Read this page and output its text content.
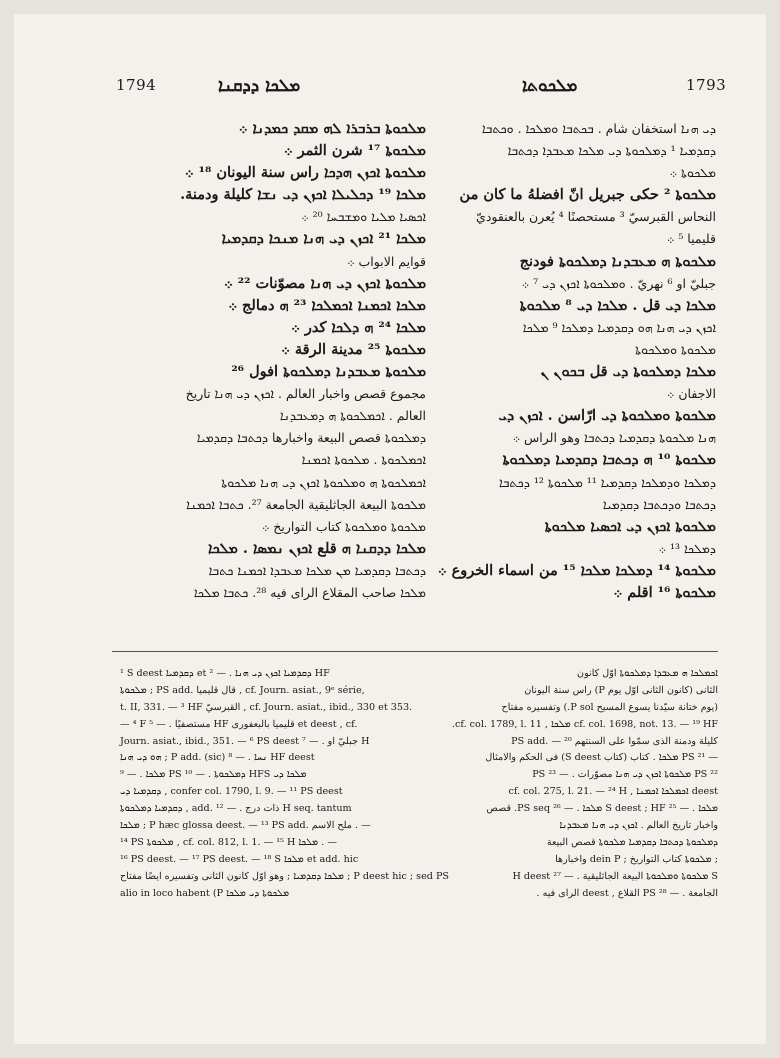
1794	ܡܠܟܐ ܕܕܩܢܐ	ܡܠܟܘܬܐ	1793
ܡܠܟܘܬܐ ܒܪܒܪܐ ܠܗ ܡܩܕ ܟܡܕܢܐ ܀
ܡܠܟܘܬܐ ¹⁷ شرن الثمر ܀
ܡܠܟܘܬܐ ܐܟܙܢ ܗܕܟܐ راس سنة اليونان ¹⁸ ܀
ܡܠܟܐ ¹⁹ ܕܟܠܝܠܐ ܐܟܙܢ ܕܝ ܢܫܐ كليلة ودمنة.
ܐܟܣܝܐ ܡܠܝܐ ܘܡܫܒܚܐ ²⁰ ܀
ܡܠܟܐ ²¹ ܐܟܙܢ ܕܝ ܗܢܐ ܡܢܟܐ ܕܩܕܡܝܐ
قوايم الابواب ܀
ܡܠܟܘܬܐ ܐܟܙܢ ܕܝ ܗܢܐ مصوّنات ²² ܀
ܡܠܟܐ ܐܟܡܢܐ ܐܟܡܠܟܐ ²³ ܗ دمالج ܀
ܡܠܟܐ ²⁴ ܗ ܕܠܟܐ كدر ܀
ܡܠܟܘܬܐ ²⁵ مدينة الرقة ܀
ܡܠܟܘܬܐ ܡܥܒܕܢܐ ܕܡܠܟܘܬܐ افول ²⁶
مجموع قصص واخبار العالم . ܐܟܙܢ ܕܝ ܗܢܐ تاريخ
العالم . ܐܟܡܠܟܘܬܐ ܗ ܕܡܥܒܕܢܐ
ܕܡܠܟܘܬܐ قصص البيعة واخبارها ܕܟܬܒܐ ܕܩܕܡܝܐ
ܐܟܡܠܟܘܬܐ . ܡܠܟܘܬܐ ܐܟܡܢܐ
ܐܟܡܠܟܘܬܐ ܗ ܘܡܠܟܘܬܐ ܐܟܙܢ ܕܝ ܗܢܐ ܡܠܟܘܬܐ
ܡܠܟܘܬܐ البيعة الجاثليقية الجامعة ²⁷. ܟܬܒܐ ܐܟܡܢܐ
ܡܠܟܘܬܐ ܘܡܠܟܘܬܐ كتاب التواريخ ܀
ܡܠܟܐ ܕܕܩܢܐ ܗ قلع ܐܟܙܢ ܢܡܣܐ . ܡܠܟܐ
ܕܟܬܒܐ ܕܩܕܡܝܐ ܡܢ ܡܠܟܐ ܡܥܒܕܐ ܐܟܡܢܐ ܟܬܒܐ
ܡܠܟܐ صاحب المقلاع الراى فيه ²⁸. ܟܬܒܐ ܡܠܟܐ
ܕܝ ܗܢܐ استخفان شام . ܒܟܬܒܐ ܘܡܠܟܐ . ܘܟܬܒܐ
ܕܩܕܡܝܐ ¹ ܕܡܠܟܘܬܐ ܕܝ ܡܠܟܐ ܡܥܒܕܐ ܕܟܬܒܐ
ܡܠܟܘܬܐ ܀
ܡܠܟܘܬܐ ² حكى جبريل انّ افضلهُ ما كان من
النحاس القبرسيّ ³ مستحصنًا ⁴ يُعرن بالعنقوديّ
قليميا ⁵ ܀
ܡܠܟܘܬܐ ܗ ܡܥܒܕܢܐ ܕܡܠܟܘܬܐ فودنج
جبليّ او ⁶ نهريّ . ܘܡܠܟܘܬܐ ܐܟܙܢ ܕܝ ⁷ ܀
ܡܠܟܐ ܕܝ قل . ܡܠܟܐ ܕܝ ⁸ ܡܠܟܘܬܐ
ܐܟܙܢ ܕܝ ܗܢܐ ܗܘ ܕܩܕܡܝܐ ܕܡܠܟܐ ⁹ ܡܠܟܐ
ܡܠܟܘܬܐ ܘܡܠܟܘܬܐ
ܡܠܟܐ ܕܡܠܟܘܬܐ ܕܝ قل ܒܟܘܢ ܢ
الاجفان ܀
ܡܠܟܘܬܐ ܘܡܠܟܘܬܐ ܕܝ ارّاسن . ܐܟܙܢ ܕܝ
ܗܢܐ ܡܠܟܘܬܐ ܕܩܕܡܝܐ ܕܟܬܒܐ وهو الراس ܀
ܡܠܟܘܬܐ ¹⁰ ܗ ܕܟܬܒܐ ܕܩܕܡܝܐ ܕܡܠܟܘܬܐ
ܕܡܠܟܐ ܘܕܡܠܟܐ ܕܩܕܡܝܐ ¹¹ ܡܠܟܘܬܐ ¹² ܕܟܬܒܐ
ܕܟܬܒܐ ܘܕܟܬܒܐ ܕܩܕܡܝܐ
ܡܠܟܘܬܐ ܐܟܙܢ ܕܝ ܐܟܣܝܐ ܡܠܟܘܬܐ
ܕܡܠܟܐ ¹³ ܀
ܡܠܟܘܬܐ ¹⁴ ܕܡܠܟܐ ܡܠܟܐ ¹⁵ من اسماء الخروع ܀
ܡܠܟܘܬܐ ¹⁶ اقلم ܀
¹ S deest ܕܩܕܡܝܐ et ܕܩܕܡܝܐ ܐܟܙܢ ܕܝ ܗܢܐ . — ² HF
ܡܠܟܘܬܐ ; PS add. قال قليميا , cf. Journ. asiat., 9ᵉ série,
t. II, 331. — ³ HF القبرسيّ , cf. Journ. asiat., ibid., 330 et 353.
— ⁴ F مستصفيًا . — ⁵ HF قليميا بالبعفورى et deest , cf.
Journ. asiat., ibid., 351. — ⁶ PS deest جبليّ او . — ⁷ H
ܗܘ ܕܝ ܗܢܐ ; P add. (sic) ܢܚܐ . — ⁸ HF deest
ܡܠܟܐ . — ⁹ PS ܕܡܠܟܘܬܐ . — ¹⁰ HFS ܡܠܟܐ ܕܝ
ܕܩܕܡܝܐ ܕܝ , confer col. 1790, l. 9. — ¹¹ PS deest
ܕܩܕܡܝܐ ܕܡܠܟܘܬܐ , add. ذات درج . — ¹² H seq. tantum
ܡܠܟܐ ; P hæc glossa deest. — ¹³ PS add. ملح الاسم . —
¹⁴ PS ܡܠܟܘܬܐ , cf. col. 812, l. 1. — ¹⁵ H ܡܠܟܐ . —
¹⁶ PS deest. — ¹⁷ PS deest. — ¹⁸ S ܡܠܟܐ et add. hic
ܡܠܟܐ ܕܩܕܡܝܐ ; وهو اوّل كانون الثانى وتفسيره ايضًا مفتاح ; P deest hic ; sed PS
alio in loco habent (P ܡܠܟܘܬܐ ܕܝ ܡܠܟܐ
ܐܟܡܠܟܐ ܗ ܡܥܒܕܐ ܕܡܠܟܘܬܐ اوّل كانون
الثانى (كانون الثانى اوّل يوم P) راس سنة اليونان
(يوم ختانة سيّدنا يسوع المسيح P sol.) وتفسيره مفتاح
cf. col. 1698, not. 13. — ¹⁹ HF ܡܠܟܐ , cf. col. 1789, l. 11.
كليلة ودمنة الذى سمّوا على السنتهم PS add. — ²⁰
— ²¹ PS ܡܠܟܐ . كتاب (كتاب S deest) فى الحكم والامثال
²² PS ܡܠܟܘܬܐ ܐܟܙܢ ܕܝ ܗܢܐ مصوّرات . — ²³ PS
deest ܐܟܡܠܟܐ ܐܟܡܢܐ , cf. col. 275, l. 21. — ²⁴ H
ܡܠܟܐ . — ²⁵ S deest ; HF ܡܠܟܐ . — ²⁶ PS seq. قصص
واخبار تاريخ العالم . ܐܟܙܢ ܕܝ ܗܢܐ ܡܥܒܕܢܐ
ܕܡܠܟܘܬܐ ܕܟܬܒܐ ܕܩܕܡܝܐ ܡܠܟܘܬܐ قصص البيعة
; ܡܠܟܘܬܐ كتاب التواريخ ; dein P واخبارها
S ܡܠܟܘܬܐ ܘܡܠܟܘܬܐ البيعة الجاثليقية . — ²⁷ H deest
الجامعة . — ²⁸ PS القلاع , deest الراى فيه .
